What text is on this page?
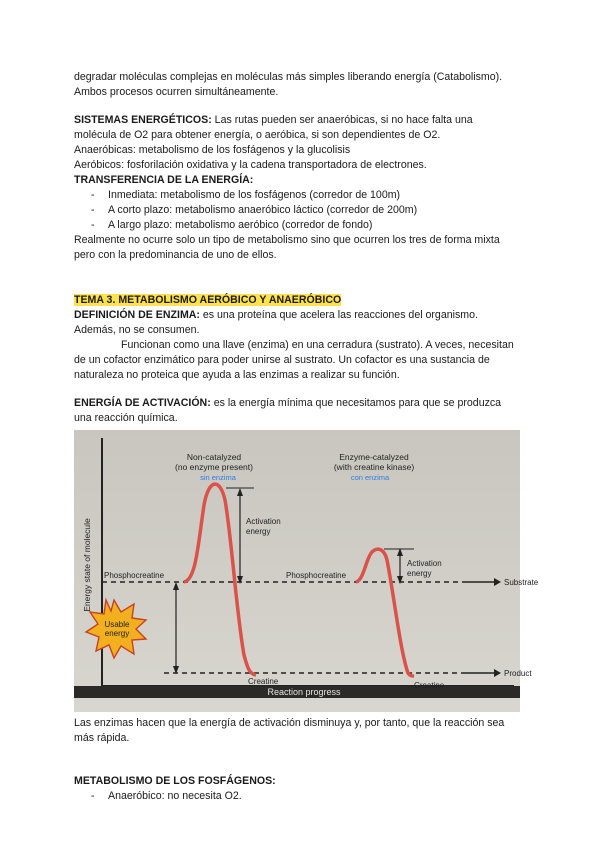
degradar moléculas complejas en moléculas más simples liberando energía (Catabolismo).

Ambos procesos ocurren simultáneamente.

SISTEMAS ENERGÉTICOS: Las rutas pueden ser anaeróbicas, si no hace falta una

molécula de O2 para obtener energía, o aeróbica, si son dependientes de O2.

Anaeróbicas: metabolismo de los fosfágenos y la glucolisis

Aeróbicos: fosforilación oxidativa y la cadena transportadora de electrones.

TRANSFERENCIA DE LA ENERGÍA:

- Inmediata: metabolismo de los fosfágenos (corredor de 100m)
- A corto plazo: metabolismo anaeróbico láctico (corredor de 200m)
- A largo plazo: metabolismo aeróbico (corredor de fondo)

Realmente no ocurre solo un tipo de metabolismo sino que ocurren los tres de forma mixta

pero con la predominancia de uno de ellos.

TEMA 3. METABOLISMO AERÓBICO Y ANAERÓBICO

DEFINICIÓN DE ENZIMA: es una proteína que acelera las reacciones del organismo.

Además, no se consumen.

Funcionan como una llave (enzima) en una cerradura (sustrato). A veces, necesitan

de un cofactor enzimático para poder unirse al sustrato. Un cofactor es una sustancia de

naturaleza no proteica que ayuda a las enzimas a realizar su función.

ENERGÍA DE ACTIVACIÓN: es la energía mínima que necesitamos para que se produzca

una reacción química.

Reaction progress
Energy state of molecule	Substrate
Product
Activation
energy
Activation
energy
Usable
energy
Non-catalyzed
(no enzyme present)
sin enzima
Enzyme-catalyzed
(with creatine kinase)
con enzima
Phosphocreatine	Phosphocreatine
Creatine	Creatine

Las enzimas hacen que la energía de activación disminuya y, por tanto, que la reacción sea

más rápida.

METABOLISMO DE LOS FOSFÁGENOS:

- Anaeróbico: no necesita O2.
